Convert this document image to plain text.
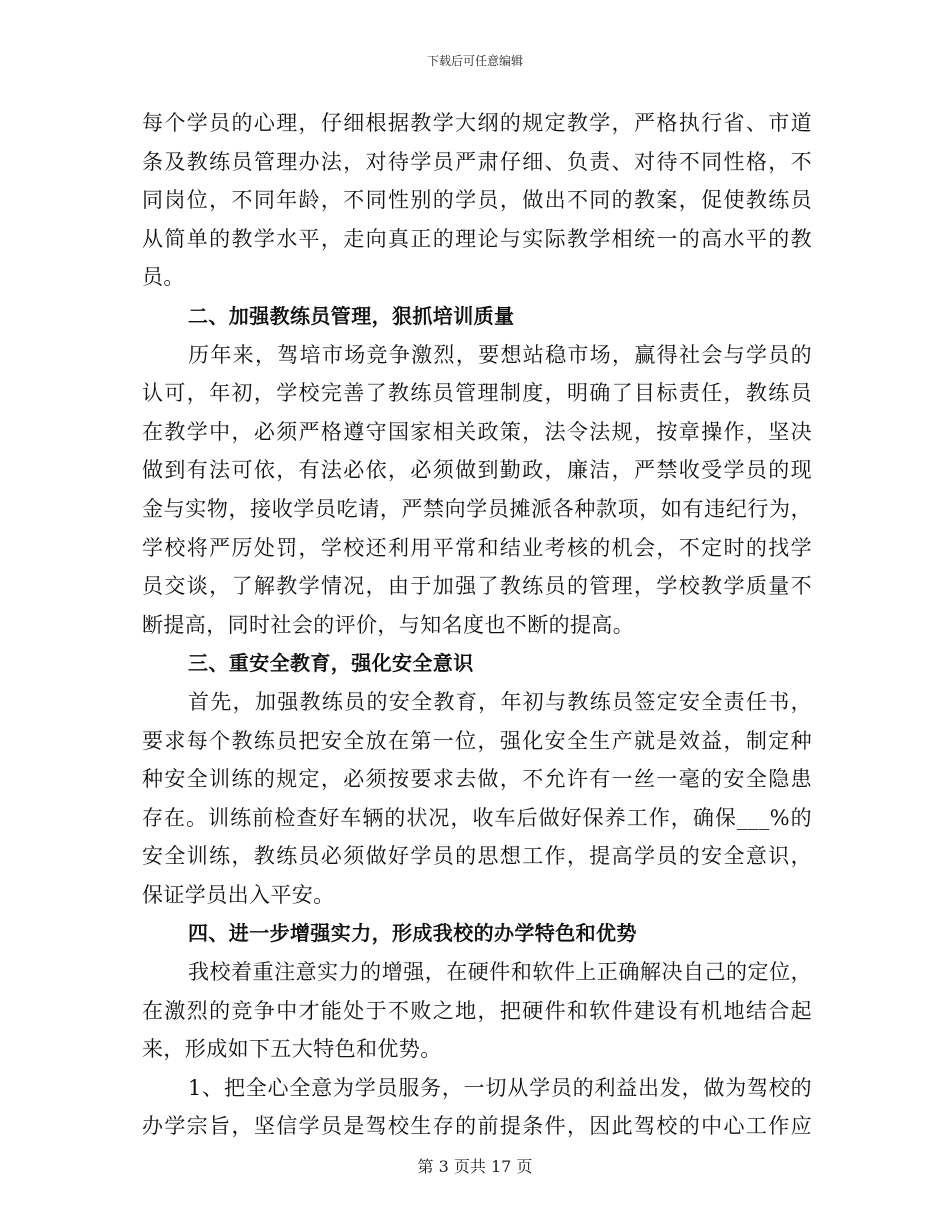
下载后可任意编辑
每个学员的心理，仔细根据教学大纲的规定教学，严格执行省、市道
条及教练员管理办法，对待学员严肃仔细、负责、对待不同性格，不
同岗位，不同年龄，不同性别的学员，做出不同的教案，促使教练员
从简单的教学水平，走向真正的理论与实际教学相统一的高水平的教
员。
二、加强教练员管理，狠抓培训质量
历年来，驾培市场竞争激烈，要想站稳市场，赢得社会与学员的
认可，年初，学校完善了教练员管理制度，明确了目标责任，教练员
在教学中，必须严格遵守国家相关政策，法令法规，按章操作，坚决
做到有法可依，有法必依，必须做到勤政，廉洁，严禁收受学员的现
金与实物，接收学员吃请，严禁向学员摊派各种款项，如有违纪行为，
学校将严厉处罚，学校还利用平常和结业考核的机会，不定时的找学
员交谈，了解教学情况，由于加强了教练员的管理，学校教学质量不
断提高，同时社会的评价，与知名度也不断的提高。
三、重安全教育，强化安全意识
首先，加强教练员的安全教育，年初与教练员签定安全责任书，
要求每个教练员把安全放在第一位，强化安全生产就是效益，制定种
种安全训练的规定，必须按要求去做，不允许有一丝一毫的安全隐患
存在。训练前检查好车辆的状况，收车后做好保养工作，确保___%的
安全训练，教练员必须做好学员的思想工作，提高学员的安全意识，
保证学员出入平安。
四、进一步增强实力，形成我校的办学特色和优势
我校着重注意实力的增强，在硬件和软件上正确解决自己的定位，
在激烈的竞争中才能处于不败之地，把硬件和软件建设有机地结合起
来，形成如下五大特色和优势。
1、把全心全意为学员服务，一切从学员的利益出发，做为驾校的
办学宗旨，坚信学员是驾校生存的前提条件，因此驾校的中心工作应
第 3 页共 17 页
